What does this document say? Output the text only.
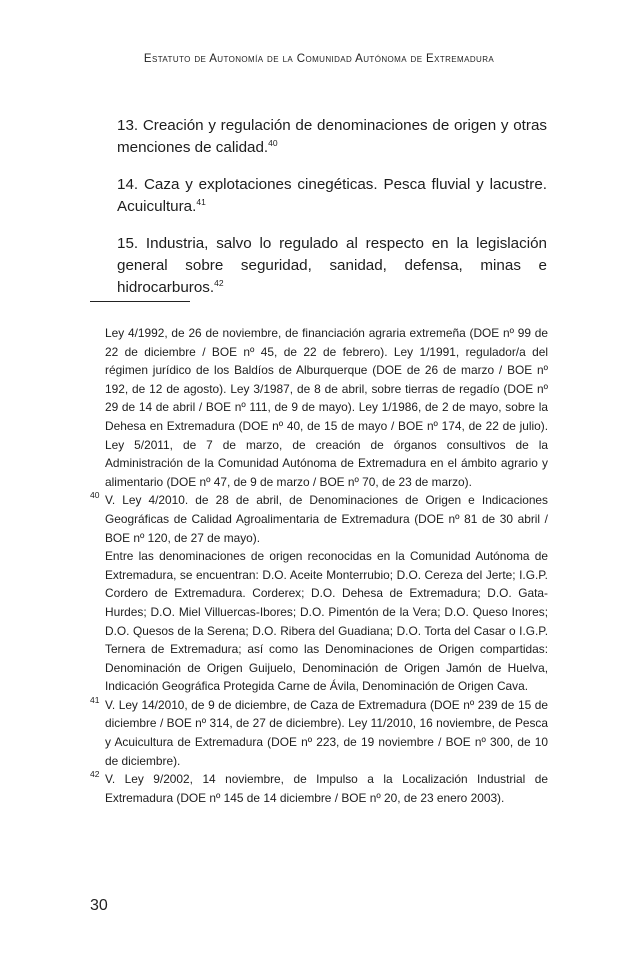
Estatuto de Autonomía de la Comunidad Autónoma de Extremadura

13. Creación y regulación de denominaciones de origen y otras menciones de calidad.$^{40}$

14. Caza y explotaciones cinegéticas. Pesca fluvial y lacustre. Acuicultura.$^{41}$

15. Industria, salvo lo regulado al respecto en la legislación general sobre seguridad, sanidad, defensa, minas e hidrocarburos.$^{42}$

Ley 4/1992, de 26 de noviembre, de financiación agraria extremeña (DOE nº 99 de 22 de diciembre / BOE nº 45, de 22 de febrero). Ley 1/1991, regulador/a del régimen jurídico de los Baldíos de Alburquerque (DOE de 26 de marzo / BOE nº 192, de 12 de agosto). Ley 3/1987, de 8 de abril, sobre tierras de regadío (DOE nº 29 de 14 de abril / BOE nº 111, de 9 de mayo). Ley 1/1986, de 2 de mayo, sobre la Dehesa en Extremadura (DOE nº 40, de 15 de mayo / BOE nº 174, de 22 de julio). Ley 5/2011, de 7 de marzo, de creación de órganos consultivos de la Administración de la Comunidad Autónoma de Extremadura en el ámbito agrario y alimentario (DOE nº 47, de 9 de marzo / BOE nº 70, de 23 de marzo).

40 V. Ley 4/2010. de 28 de abril, de Denominaciones de Origen e Indicaciones Geográficas de Calidad Agroalimentaria de Extremadura (DOE nº 81 de 30 abril / BOE nº 120, de 27 de mayo).

Entre las denominaciones de origen reconocidas en la Comunidad Autónoma de Extremadura, se encuentran: D.O. Aceite Monterrubio; D.O. Cereza del Jerte; I.G.P. Cordero de Extremadura. Corderex; D.O. Dehesa de Extremadura; D.O. Gata-Hurdes; D.O. Miel Villuercas-Ibores; D.O. Pimentón de la Vera; D.O. Queso Inores; D.O. Quesos de la Serena; D.O. Ribera del Guadiana; D.O. Torta del Casar o I.G.P. Ternera de Extremadura; así como las Denominaciones de Origen compartidas: Denominación de Origen Guijuelo, Denominación de Origen Jamón de Huelva, Indicación Geográfica Protegida Carne de Ávila, Denominación de Origen Cava.

41 V. Ley 14/2010, de 9 de diciembre, de Caza de Extremadura (DOE nº 239 de 15 de diciembre / BOE nº 314, de 27 de diciembre). Ley 11/2010, 16 noviembre, de Pesca y Acuicultura de Extremadura (DOE nº 223, de 19 noviembre / BOE nº 300, de 10 de diciembre).

42 V. Ley 9/2002, 14 noviembre, de Impulso a la Localización Industrial de Extremadura (DOE nº 145 de 14 diciembre / BOE nº 20, de 23 enero 2003).

30
